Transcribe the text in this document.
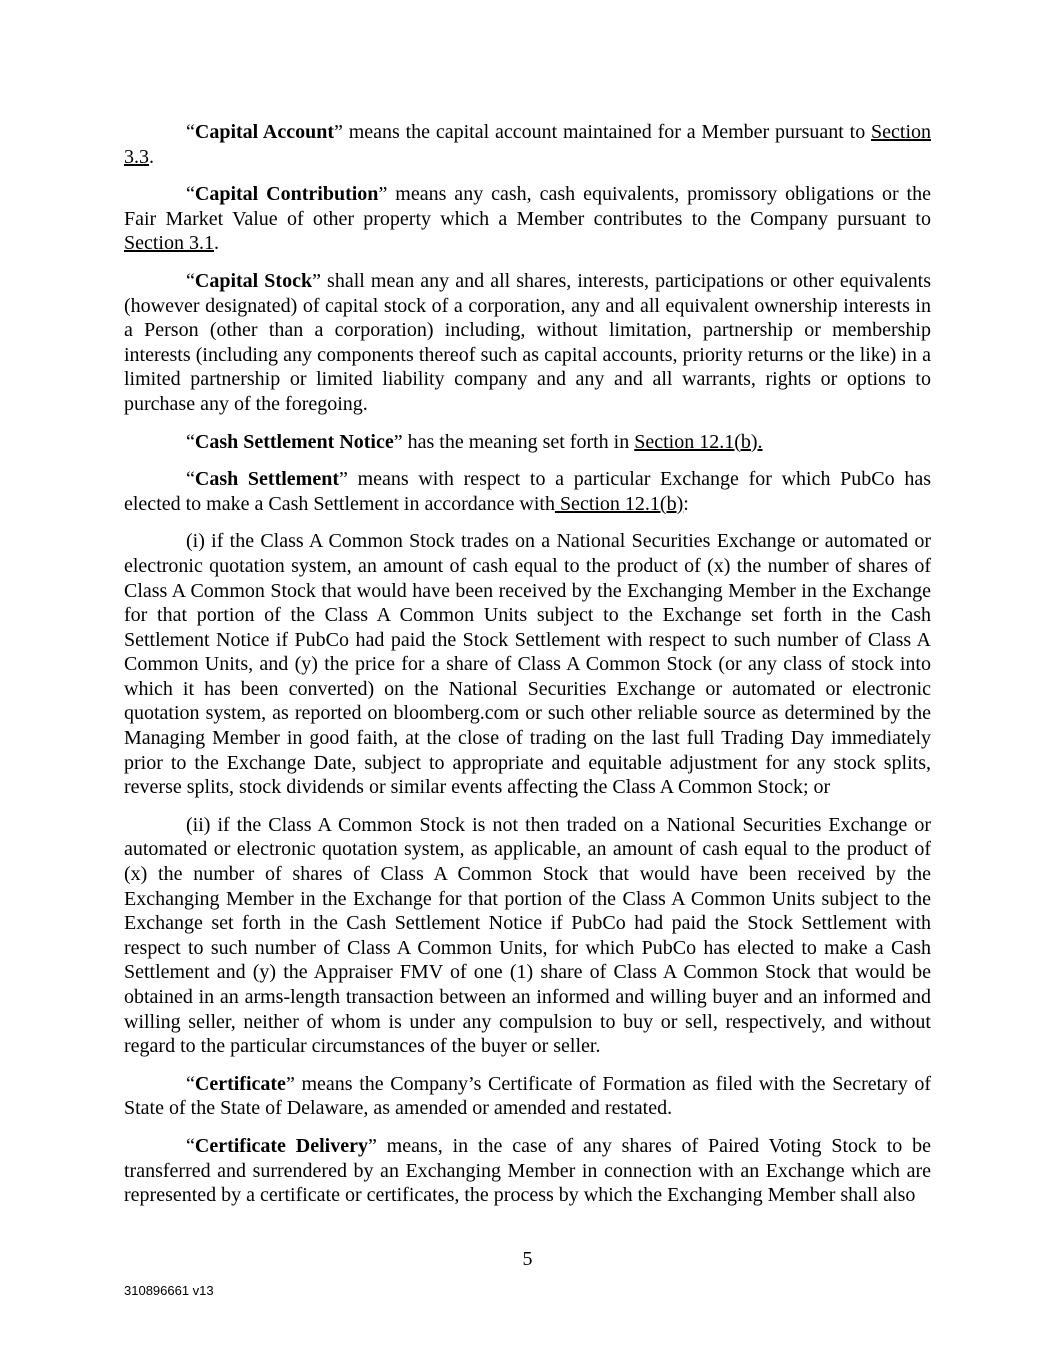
“Capital Account” means the capital account maintained for a Member pursuant to Section 3.3.

“Capital Contribution” means any cash, cash equivalents, promissory obligations or the Fair Market Value of other property which a Member contributes to the Company pursuant to Section 3.1.

“Capital Stock” shall mean any and all shares, interests, participations or other equivalents (however designated) of capital stock of a corporation, any and all equivalent ownership interests in a Person (other than a corporation) including, without limitation, partnership or membership interests (including any components thereof such as capital accounts, priority returns or the like) in a limited partnership or limited liability company and any and all warrants, rights or options to purchase any of the foregoing.

“Cash Settlement Notice” has the meaning set forth in Section 12.1(b).

“Cash Settlement” means with respect to a particular Exchange for which PubCo has elected to make a Cash Settlement in accordance with Section 12.1(b):

(i) if the Class A Common Stock trades on a National Securities Exchange or automated or electronic quotation system, an amount of cash equal to the product of (x) the number of shares of Class A Common Stock that would have been received by the Exchanging Member in the Exchange for that portion of the Class A Common Units subject to the Exchange set forth in the Cash Settlement Notice if PubCo had paid the Stock Settlement with respect to such number of Class A Common Units, and (y) the price for a share of Class A Common Stock (or any class of stock into which it has been converted) on the National Securities Exchange or automated or electronic quotation system, as reported on bloomberg.com or such other reliable source as determined by the Managing Member in good faith, at the close of trading on the last full Trading Day immediately prior to the Exchange Date, subject to appropriate and equitable adjustment for any stock splits, reverse splits, stock dividends or similar events affecting the Class A Common Stock; or

(ii) if the Class A Common Stock is not then traded on a National Securities Exchange or automated or electronic quotation system, as applicable, an amount of cash equal to the product of (x) the number of shares of Class A Common Stock that would have been received by the Exchanging Member in the Exchange for that portion of the Class A Common Units subject to the Exchange set forth in the Cash Settlement Notice if PubCo had paid the Stock Settlement with respect to such number of Class A Common Units, for which PubCo has elected to make a Cash Settlement and (y) the Appraiser FMV of one (1) share of Class A Common Stock that would be obtained in an arms-length transaction between an informed and willing buyer and an informed and willing seller, neither of whom is under any compulsion to buy or sell, respectively, and without regard to the particular circumstances of the buyer or seller.

“Certificate” means the Company’s Certificate of Formation as filed with the Secretary of State of the State of Delaware, as amended or amended and restated.

“Certificate Delivery” means, in the case of any shares of Paired Voting Stock to be transferred and surrendered by an Exchanging Member in connection with an Exchange which are represented by a certificate or certificates, the process by which the Exchanging Member shall also

5
310896661 v13
